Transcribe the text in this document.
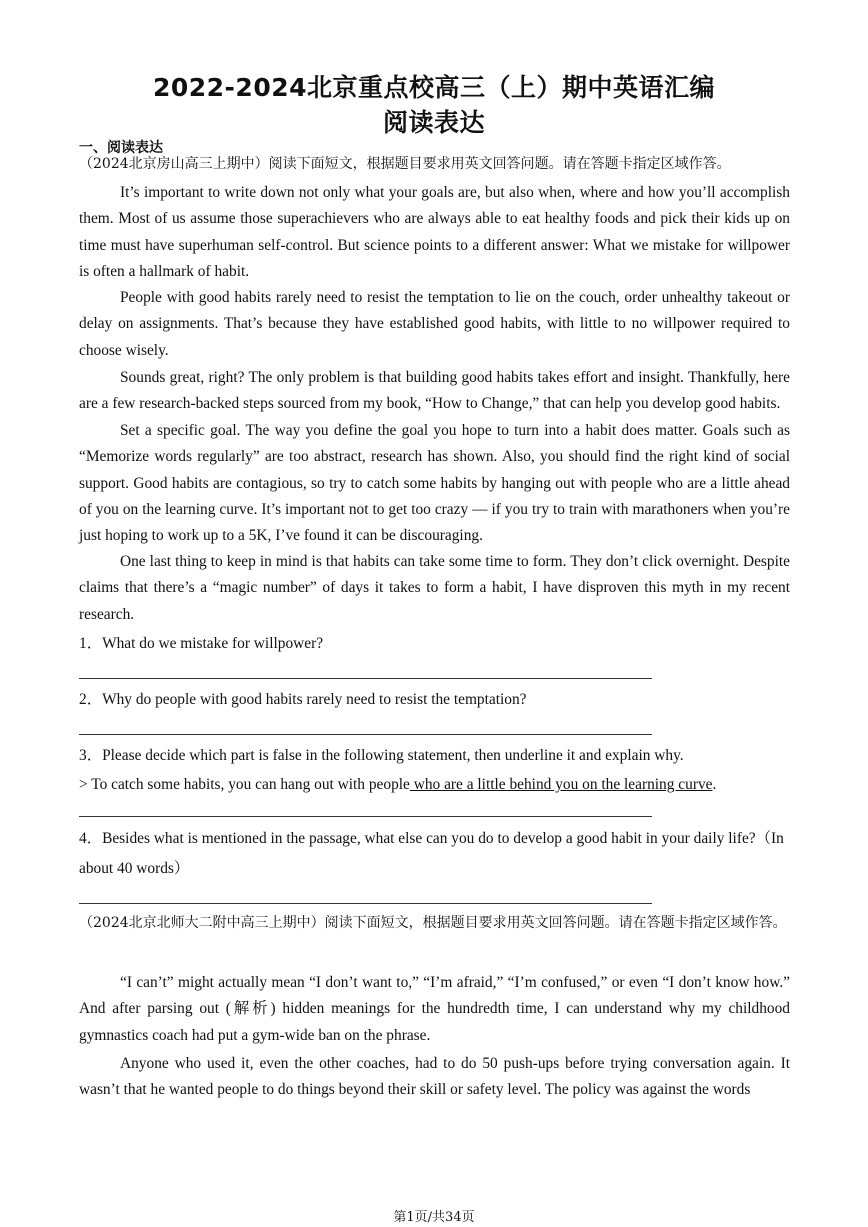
2022-2024北京重点校高三（上）期中英语汇编
阅读表达
一、阅读表达
（2024北京房山高三上期中）阅读下面短文，根据题目要求用英文回答问题。请在答题卡指定区域作答。
It’s important to write down not only what your goals are, but also when, where and how you’ll accomplish them. Most of us assume those superachievers who are always able to eat healthy foods and pick their kids up on time must have superhuman self-control. But science points to a different answer: What we mistake for willpower is often a hallmark of habit.
People with good habits rarely need to resist the temptation to lie on the couch, order unhealthy takeout or delay on assignments. That’s because they have established good habits, with little to no willpower required to choose wisely.
Sounds great, right? The only problem is that building good habits takes effort and insight. Thankfully, here are a few research-backed steps sourced from my book, “How to Change,” that can help you develop good habits.
Set a specific goal. The way you define the goal you hope to turn into a habit does matter. Goals such as “Memorize words regularly” are too abstract, research has shown. Also, you should find the right kind of social support. Good habits are contagious, so try to catch some habits by hanging out with people who are a little ahead of you on the learning curve. It’s important not to get too crazy — if you try to train with marathoners when you’re just hoping to work up to a 5K, I’ve found it can be discouraging.
One last thing to keep in mind is that habits can take some time to form. They don’t click overnight. Despite claims that there’s a “magic number” of days it takes to form a habit, I have disproven this myth in my recent research.
1．What do we mistake for willpower?
2．Why do people with good habits rarely need to resist the temptation?
3．Please decide which part is false in the following statement, then underline it and explain why.
> To catch some habits, you can hang out with people who are a little behind you on the learning curve.
4．Besides what is mentioned in the passage, what else can you do to develop a good habit in your daily life?（In
about 40 words）
（2024北京北师大二附中高三上期中）阅读下面短文，根据题目要求用英文回答问题。请在答题卡指定区域作答。
“I can’t” might actually mean “I don’t want to,” “I’m afraid,” “I’m confused,” or even “I don’t know how.” And after parsing out (解析) hidden meanings for the hundredth time, I can understand why my childhood gymnastics coach had put a gym-wide ban on the phrase.
Anyone who used it, even the other coaches, had to do 50 push-ups before trying conversation again. It wasn’t that he wanted people to do things beyond their skill or safety level. The policy was against the words
第1页/共34页
